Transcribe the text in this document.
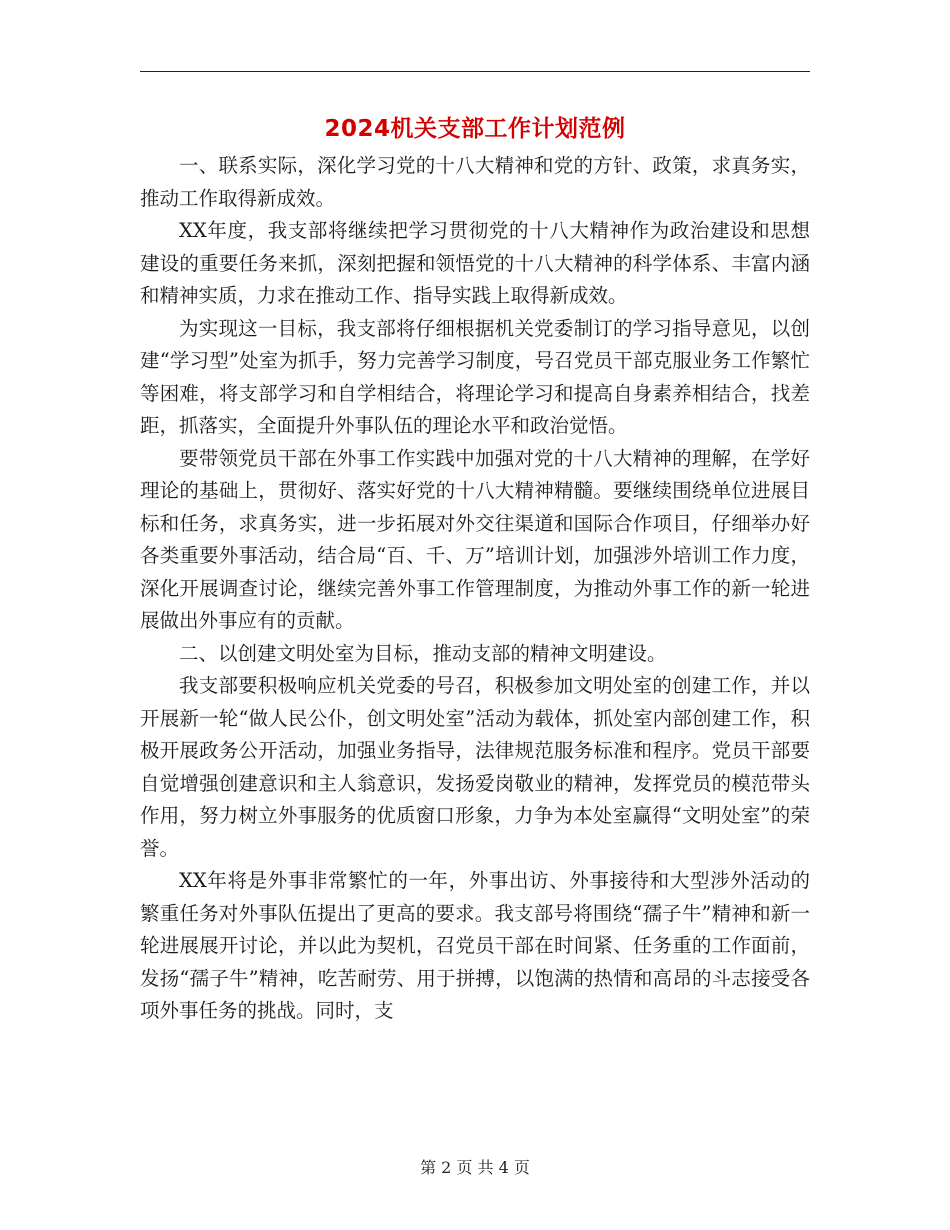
2024机关支部工作计划范例

一、联系实际，深化学习党的十八大精神和党的方针、政策，求真务实，推动工作取得新成效。

XX年度，我支部将继续把学习贯彻党的十八大精神作为政治建设和思想建设的重要任务来抓，深刻把握和领悟党的十八大精神的科学体系、丰富内涵和精神实质，力求在推动工作、指导实践上取得新成效。

为实现这一目标，我支部将仔细根据机关党委制订的学习指导意见，以创建“学习型”处室为抓手，努力完善学习制度，号召党员干部克服业务工作繁忙等困难，将支部学习和自学相结合，将理论学习和提高自身素养相结合，找差距，抓落实，全面提升外事队伍的理论水平和政治觉悟。

要带领党员干部在外事工作实践中加强对党的十八大精神的理解，在学好理论的基础上，贯彻好、落实好党的十八大精神精髓。要继续围绕单位进展目标和任务，求真务实，进一步拓展对外交往渠道和国际合作项目，仔细举办好各类重要外事活动，结合局“百、千、万”培训计划，加强涉外培训工作力度，深化开展调查讨论，继续完善外事工作管理制度，为推动外事工作的新一轮进展做出外事应有的贡献。

二、以创建文明处室为目标，推动支部的精神文明建设。

我支部要积极响应机关党委的号召，积极参加文明处室的创建工作，并以开展新一轮“做人民公仆，创文明处室”活动为载体，抓处室内部创建工作，积极开展政务公开活动，加强业务指导，法律规范服务标准和程序。党员干部要自觉增强创建意识和主人翁意识，发扬爱岗敬业的精神，发挥党员的模范带头作用，努力树立外事服务的优质窗口形象，力争为本处室赢得“文明处室”的荣誉。

XX年将是外事非常繁忙的一年，外事出访、外事接待和大型涉外活动的繁重任务对外事队伍提出了更高的要求。我支部号将围绕“孺子牛”精神和新一轮进展展开讨论，并以此为契机，召党员干部在时间紧、任务重的工作面前，发扬“孺子牛”精神，吃苦耐劳、用于拼搏，以饱满的热情和高昂的斗志接受各项外事任务的挑战。同时，支

第 2 页 共 4 页
